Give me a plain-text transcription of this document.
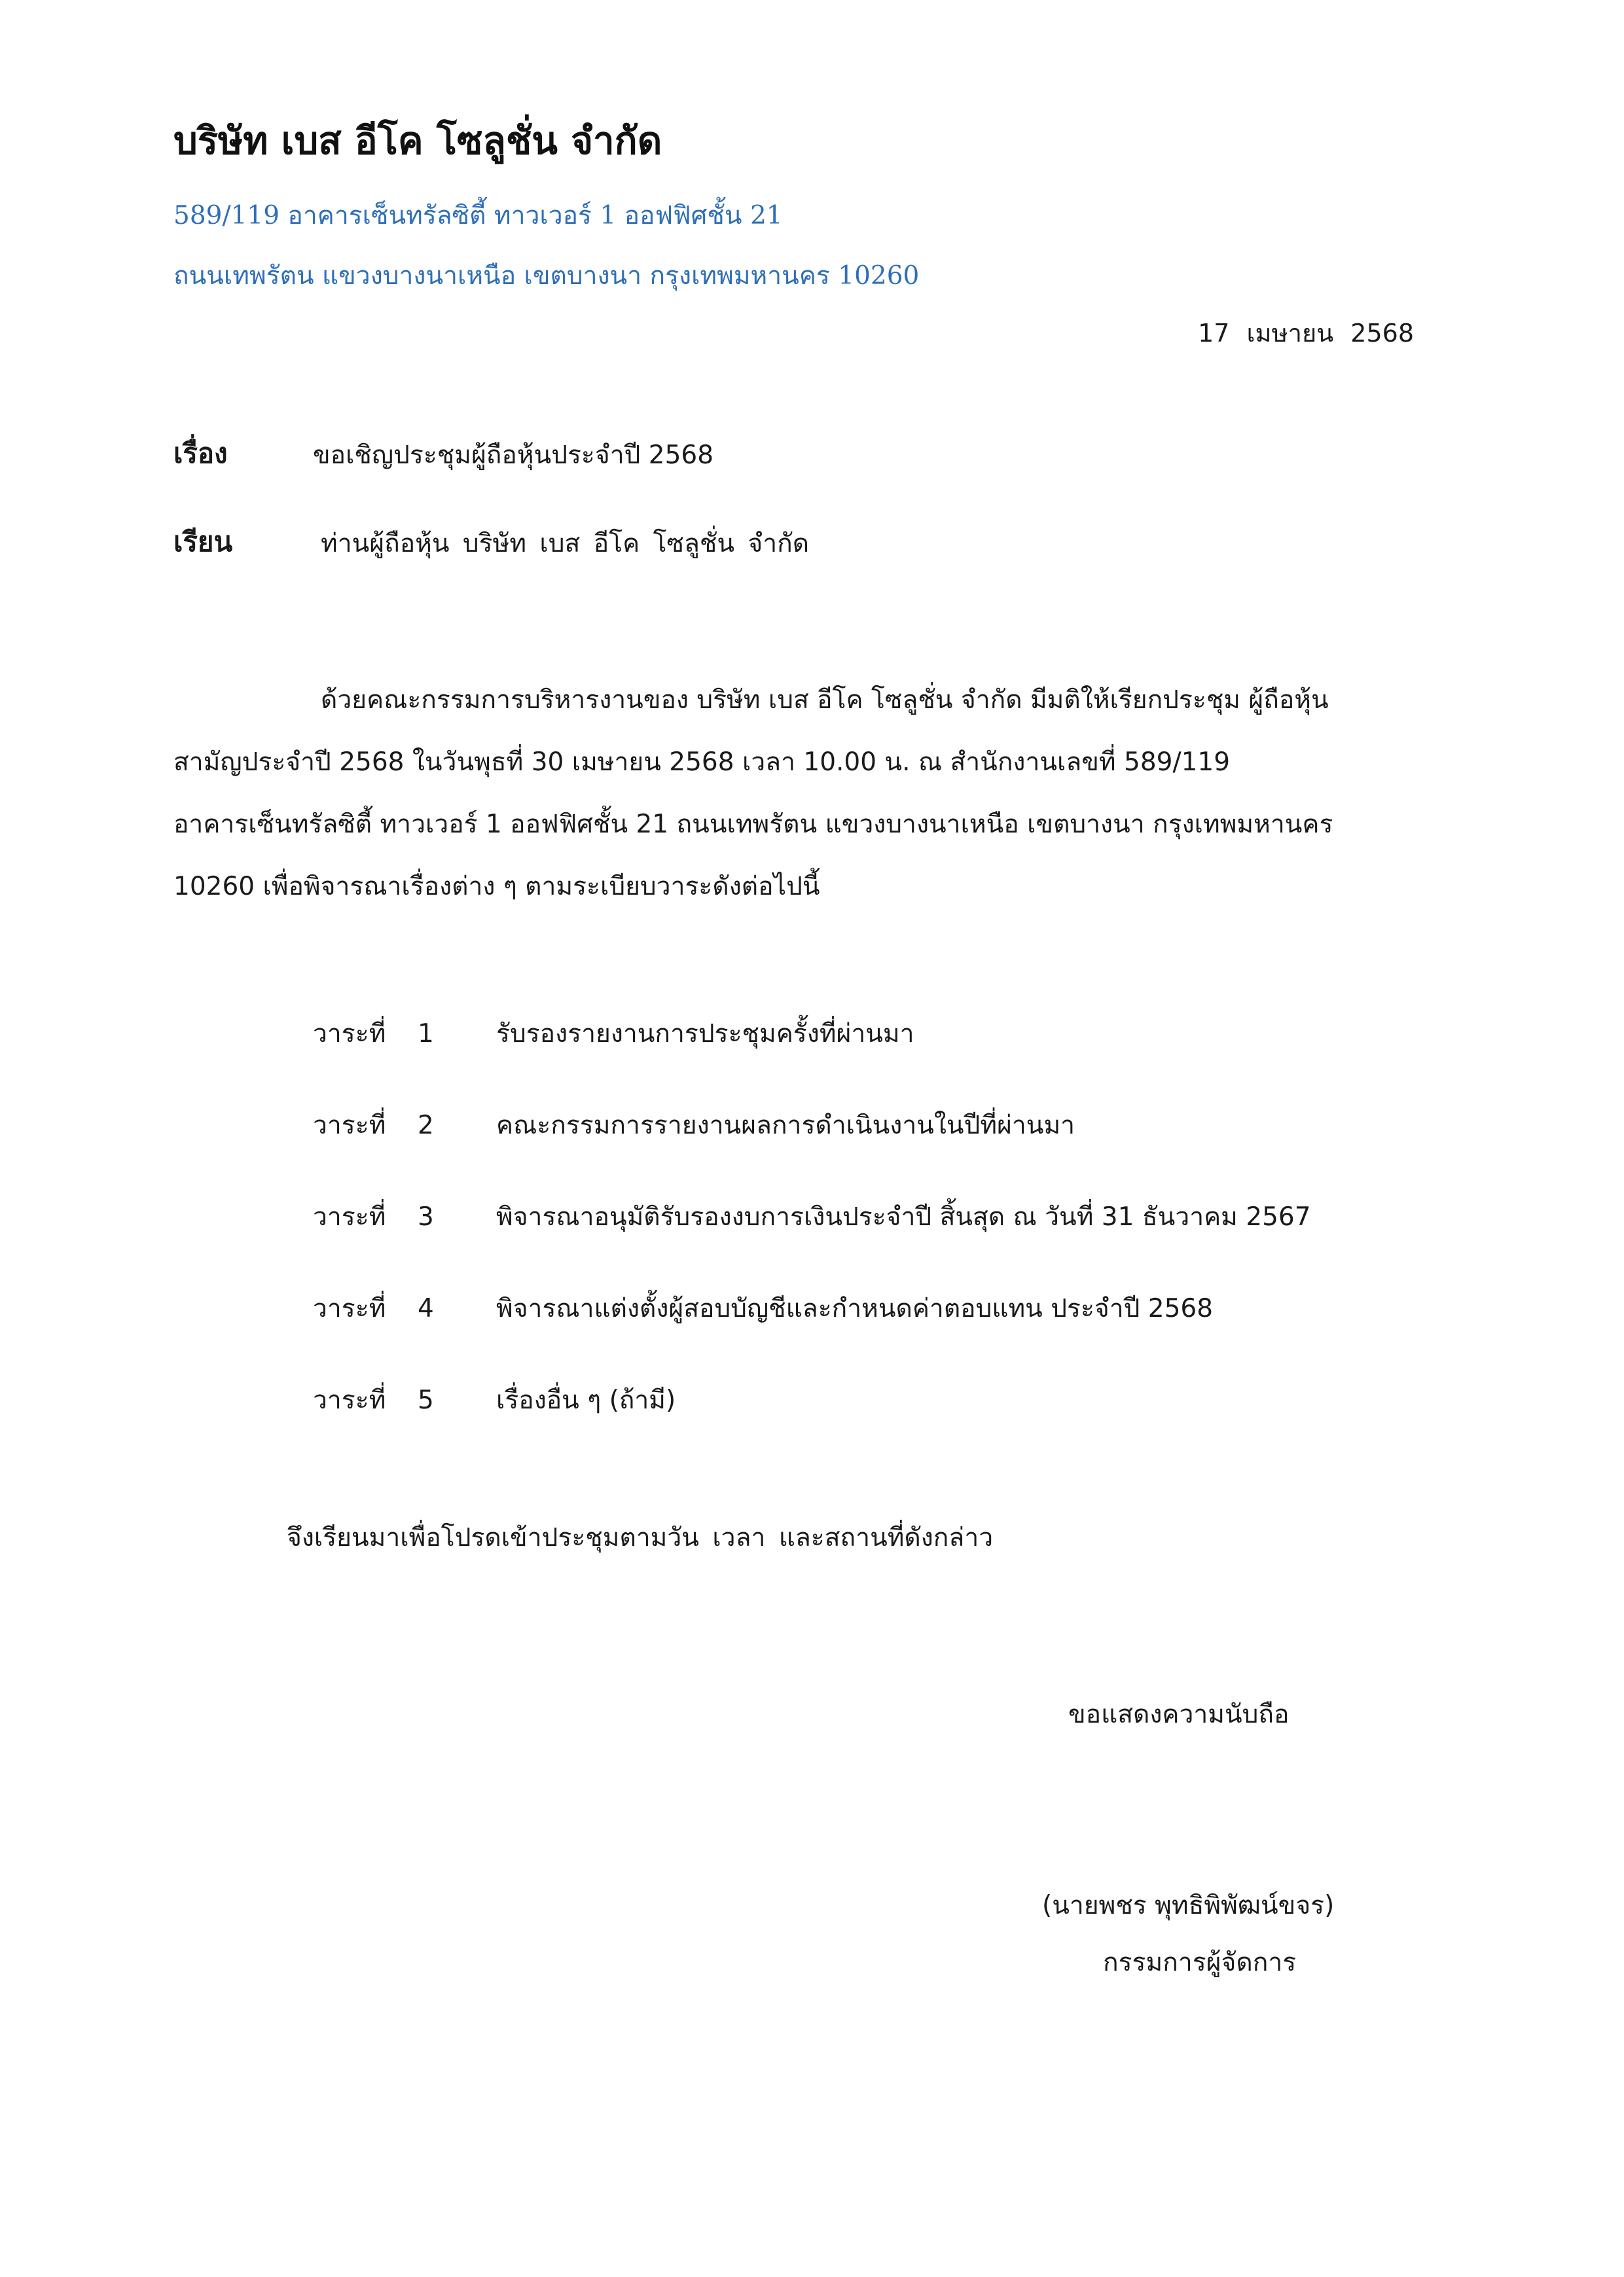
บริษัท เบส อีโค โซลูชั่น จำกัด
589/119 อาคารเซ็นทรัลซิตี้ ทาวเวอร์ 1 ออฟฟิศชั้น 21
ถนนเทพรัตน แขวงบางนาเหนือ เขตบางนา กรุงเทพมหานคร 10260
17 เมษายน 2568
เรื่อง	ขอเชิญประชุมผู้ถือหุ้นประจำปี 2568
เรียน	ท่านผู้ถือหุ้น บริษัท เบส อีโค โซลูชั่น จำกัด
ด้วยคณะกรรมการบริหารงานของ บริษัท เบส อีโค โซลูชั่น จำกัด มีมติให้เรียกประชุม ผู้ถือหุ้น
สามัญประจำปี 2568 ในวันพุธที่ 30 เมษายน 2568 เวลา 10.00 น. ณ สำนักงานเลขที่ 589/119
อาคารเซ็นทรัลซิตี้ ทาวเวอร์ 1 ออฟฟิศชั้น 21 ถนนเทพรัตน แขวงบางนาเหนือ เขตบางนา กรุงเทพมหานคร
10260 เพื่อพิจารณาเรื่องต่าง ๆ ตามระเบียบวาระดังต่อไปนี้
วาระที่ 1 รับรองรายงานการประชุมครั้งที่ผ่านมา
วาระที่ 2 คณะกรรมการรายงานผลการดำเนินงานในปีที่ผ่านมา
วาระที่ 3 พิจารณาอนุมัติรับรองงบการเงินประจำปี สิ้นสุด ณ วันที่ 31 ธันวาคม 2567
วาระที่ 4 พิจารณาแต่งตั้งผู้สอบบัญชีและกำหนดค่าตอบแทน ประจำปี 2568
วาระที่ 5 เรื่องอื่น ๆ (ถ้ามี)
จึงเรียนมาเพื่อโปรดเข้าประชุมตามวัน เวลา และสถานที่ดังกล่าว
ขอแสดงความนับถือ
(นายพชร พุทธิพิพัฒน์ขจร)
กรรมการผู้จัดการ
